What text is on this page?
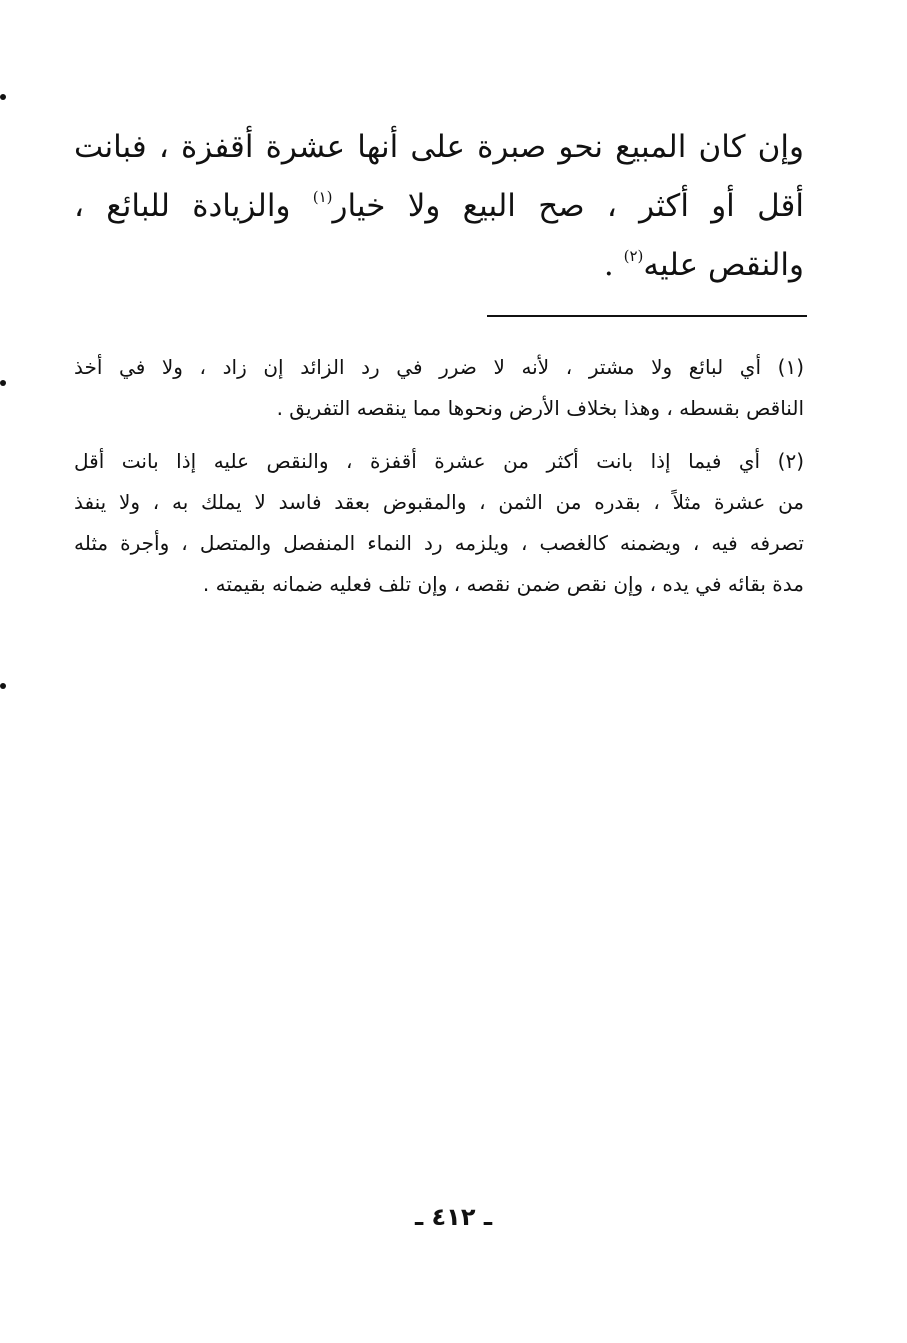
وإن كان المبيع نحو صبرة على أنها عشرة أقفزة ، فبانت
أقل أو أكثر ، صح البيع ولا خيار$^{(١)}$ والزيادة للبائع ،
والنقص عليه$^{(٢)}$ .
(١) أي لبائع ولا مشتر ، لأنه لا ضرر في رد الزائد إن زاد ، ولا في أخذ
الناقص بقسطه ، وهذا بخلاف الأرض ونحوها مما ينقصه التفريق .
(٢) أي فيما إذا بانت أكثر من عشرة أقفزة ، والنقص عليه إذا بانت أقل
من عشرة مثلاً ، بقدره من الثمن ، والمقبوض بعقد فاسد لا يملك به ، ولا ينفذ
تصرفه فيه ، ويضمنه كالغصب ، ويلزمه رد النماء المنفصل والمتصل ، وأجرة مثله
مدة بقائه في يده ، وإن نقص ضمن نقصه ، وإن تلف فعليه ضمانه بقيمته .
ـ ٤١٢ ـ
